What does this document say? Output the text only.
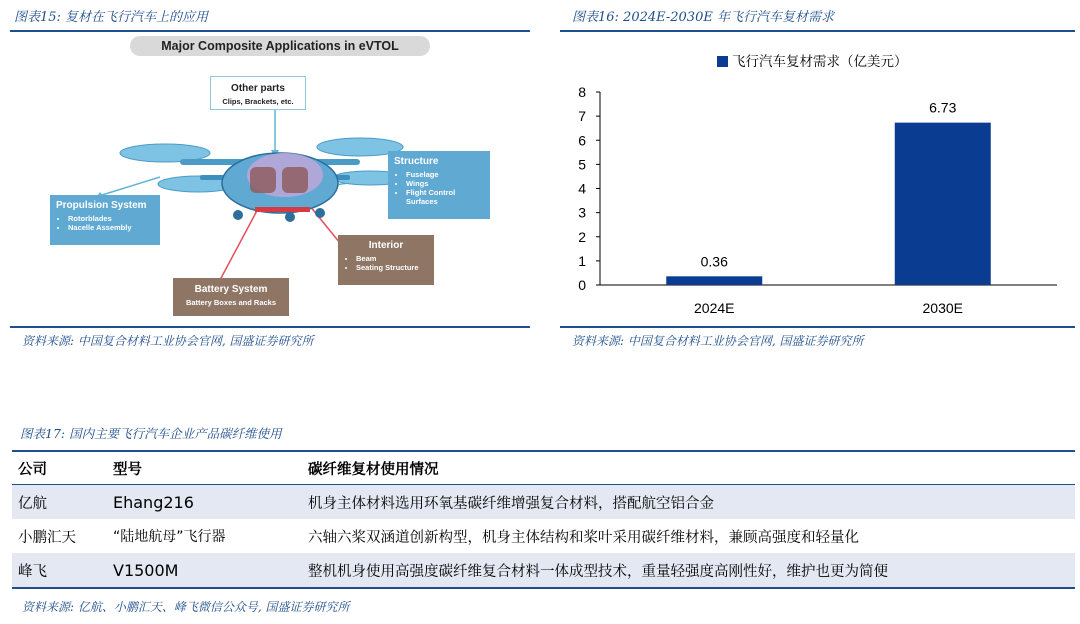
图表15: 复材在飞行汽车上的应用
Major Composite Applications in eVTOL
Other parts
Clips, Brackets, etc.
Structure
• Fuselage
• Wings
• Flight Control Surfaces
Propulsion System
• Rotorblades
• Nacelle Assembly
Interior
• Beam
• Seating Structure
Battery System
Battery Boxes and Racks
资料来源: 中国复合材料工业协会官网, 国盛证券研究所
图表16: 2024E-2030E 年飞行汽车复材需求
飞行汽车复材需求（亿美元）
0
1
2
3
4
5
6
7
8
0.36
2024E
6.73
2030E
资料来源: 中国复合材料工业协会官网, 国盛证券研究所
图表17: 国内主要飞行汽车企业产品碳纤维使用
公司	型号	碳纤维复材使用情况
亿航	Ehang216	机身主体材料选用环氧基碳纤维增强复合材料，搭配航空铝合金
小鹏汇天	“陆地航母”飞行器	六轴六桨双涵道创新构型，机身主体结构和桨叶采用碳纤维材料，兼顾高强度和轻量化
峰飞	V1500M	整机机身使用高强度碳纤维复合材料一体成型技术，重量轻强度高刚性好，维护也更为简便
资料来源: 亿航、小鹏汇天、峰飞微信公众号, 国盛证券研究所
